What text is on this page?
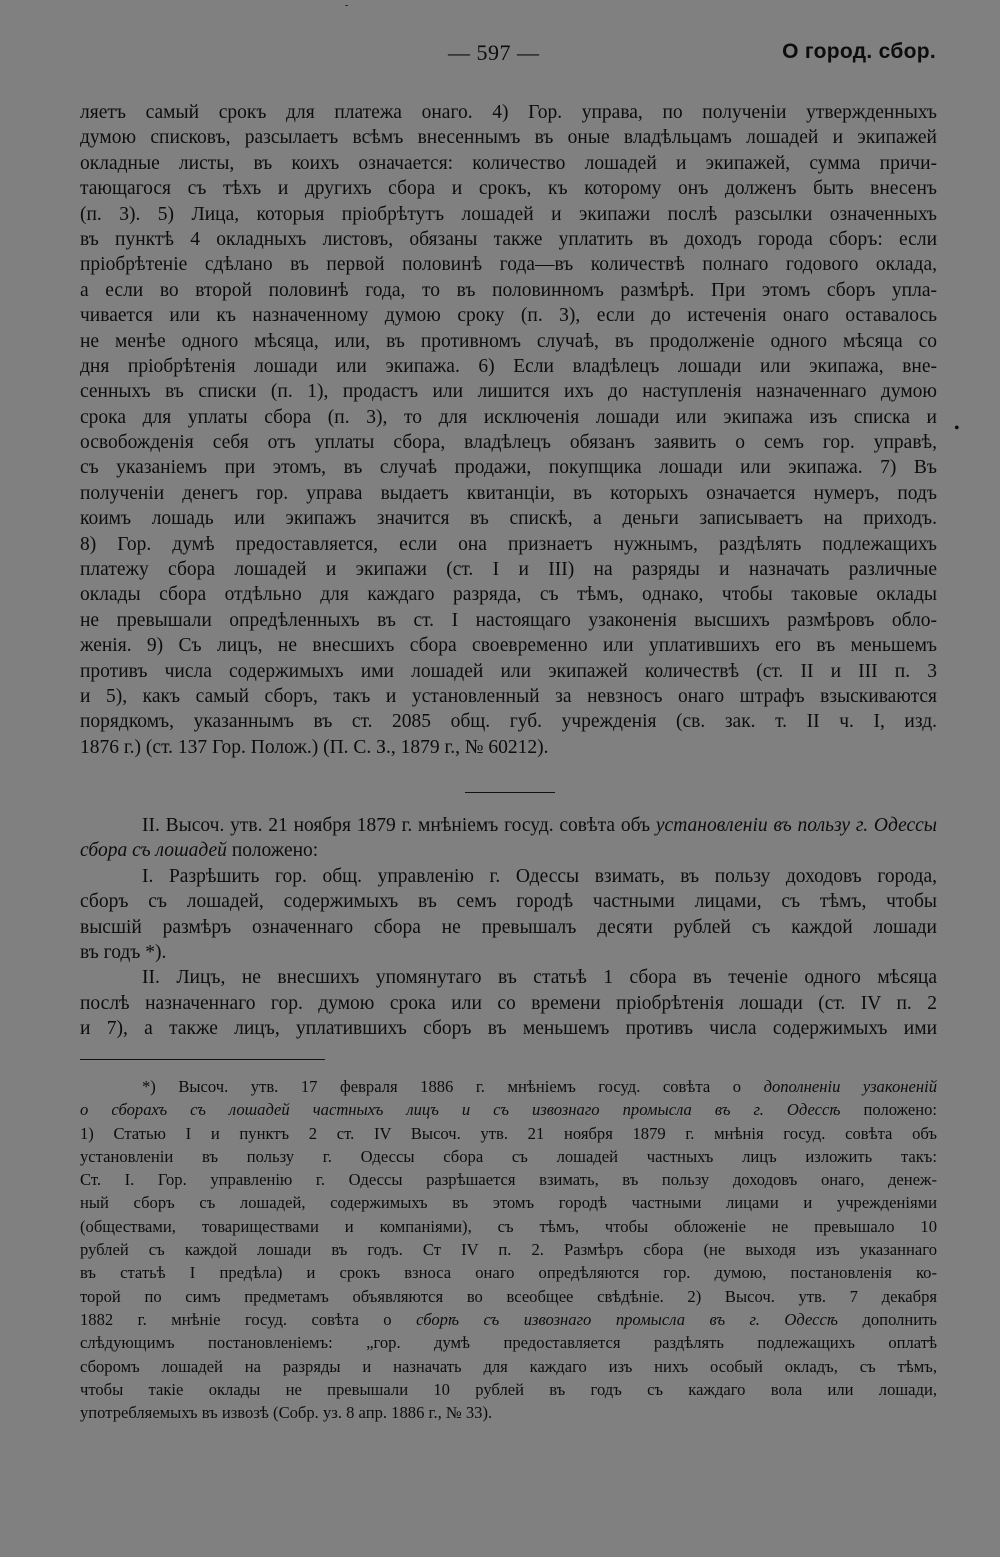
-
— 597 —	О город. сбор.
ляетъ самый срокъ для платежа онаго. 4) Гор. управа, по полученіи утвержденныхъ
думою списковъ, разсылаетъ всѣмъ внесеннымъ въ оные владѣльцамъ лошадей и экипажей
окладные листы, въ коихъ означается: количество лошадей и экипажей, сумма причи-
тающагося съ тѣхъ и другихъ сбора и срокъ, къ которому онъ долженъ быть внесенъ
(п. 3). 5) Лица, которыя пріобрѣтутъ лошадей и экипажи послѣ разсылки означенныхъ
въ пунктѣ 4 окладныхъ листовъ, обязаны также уплатить въ доходъ города сборъ: если
пріобрѣтеніе сдѣлано въ первой половинѣ года—въ количествѣ полнаго годового оклада,
а если во второй половинѣ года, то въ половинномъ размѣрѣ. При этомъ сборъ упла-
чивается или къ назначенному думою сроку (п. 3), если до истеченія онаго оставалось
не менѣе одного мѣсяца, или, въ противномъ случаѣ, въ продолженіе одного мѣсяца со
дня пріобрѣтенія лошади или экипажа. 6) Если владѣлецъ лошади или экипажа, вне-
сенныхъ въ списки (п. 1), продастъ или лишится ихъ до наступленія назначеннаго думою
срока для уплаты сбора (п. 3), то для исключенія лошади или экипажа изъ списка и
освобожденія себя отъ уплаты сбора, владѣлецъ обязанъ заявить о семъ гор. управѣ,
съ указаніемъ при этомъ, въ случаѣ продажи, покупщика лошади или экипажа. 7) Въ
полученіи денегъ гор. управа выдаетъ квитанціи, въ которыхъ означается нумеръ, подъ
коимъ лошадь или экипажъ значится въ спискѣ, а деньги записываетъ на приходъ.
8) Гор. думѣ предоставляется, если она признаетъ нужнымъ, раздѣлять подлежащихъ
платежу сбора лошадей и экипажи (ст. I и III) на разряды и назначать различные
оклады сбора отдѣльно для каждаго разряда, съ тѣмъ, однако, чтобы таковые оклады
не превышали опредѣленныхъ въ ст. I настоящаго узаконенія высшихъ размѣровъ обло-
женія. 9) Съ лицъ, не внесшихъ сбора своевременно или уплатившихъ его въ меньшемъ
противъ числа содержимыхъ ими лошадей или экипажей количествѣ (ст. II и III п. 3
и 5), какъ самый сборъ, такъ и установленный за невзносъ онаго штрафъ взыскиваются
порядкомъ, указаннымъ въ ст. 2085 общ. губ. учрежденія (св. зак. т. II ч. I, изд.
1876 г.) (ст. 137 Гор. Полож.) (П. С. З., 1879 г., № 60212).
•

II. Высоч. утв. 21 ноября 1879 г. мнѣніемъ госуд. совѣта объ установленіи въ пользу г. Одессы сбора съ лошадей положено:

I. Разрѣшить гор. общ. управленію г. Одессы взимать, въ пользу доходовъ города,
сборъ съ лошадей, содержимыхъ въ семъ городѣ частными лицами, съ тѣмъ, чтобы
высшій размѣръ означеннаго сбора не превышалъ десяти рублей съ каждой лошади
въ годъ *).
II. Лицъ, не внесшихъ упомянутаго въ статьѣ 1 сбора въ теченіе одного мѣсяца
послѣ назначеннаго гор. думою срока или со времени пріобрѣтенія лошади (ст. IV п. 2
и 7), а также лицъ, уплатившихъ сборъ въ меньшемъ противъ числа содержимыхъ ими
*) Высоч. утв. 17 февраля 1886 г. мнѣніемъ госуд. совѣта о дополненіи узаконеній
о сборахъ съ лошадей частныхъ лицъ и съ извознаго промысла въ г. Одессѣ положено:
1) Статью I и пунктъ 2 ст. IV Высоч. утв. 21 ноября 1879 г. мнѣнія госуд. совѣта объ
установленіи въ пользу г. Одессы сбора съ лошадей частныхъ лицъ изложить такъ:
Ст. I. Гор. управленію г. Одессы разрѣшается взимать, въ пользу доходовъ онаго, денеж-
ный сборъ съ лошадей, содержимыхъ въ этомъ городѣ частными лицами и учрежденіями
(обществами, товариществами и компаніями), съ тѣмъ, чтобы обложеніе не превышало 10
рублей съ каждой лошади въ годъ. Ст IV п. 2. Размѣръ сбора (не выходя изъ указаннаго
въ статьѣ I предѣла) и срокъ взноса онаго опредѣляются гор. думою, постановленія ко-
торой по симъ предметамъ объявляются во всеобщее свѣдѣніе. 2) Высоч. утв. 7 декабря
1882 г. мнѣніе госуд. совѣта о сборѣ съ извознаго промысла въ г. Одессѣ дополнить
слѣдующимъ постановленіемъ: „гор. думѣ предоставляется раздѣлять подлежащихъ оплатѣ
сборомъ лошадей на разряды и назначать для каждаго изъ нихъ особый окладъ, съ тѣмъ,
чтобы такіе оклады не превышали 10 рублей въ годъ съ каждаго вола или лошади,
употребляемыхъ въ извозѣ (Собр. уз. 8 апр. 1886 г., № 33).
